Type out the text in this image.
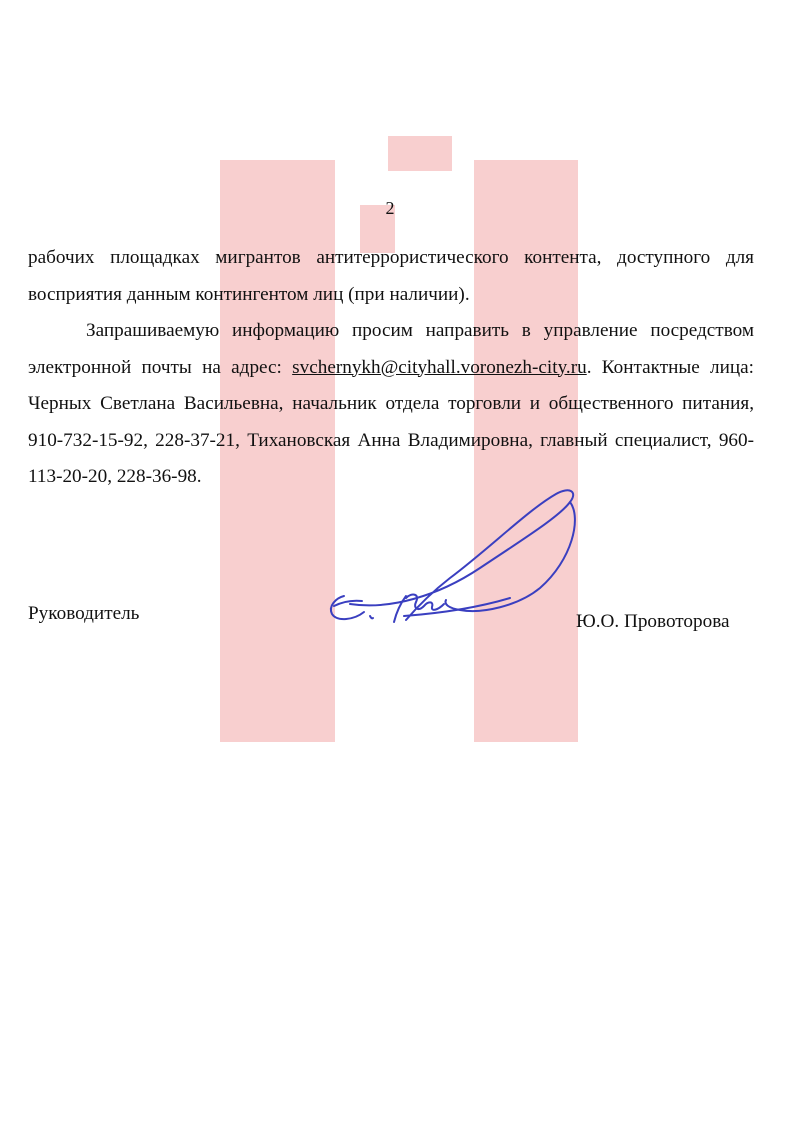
2

рабочих площадках мигрантов антитеррористического контента, доступного для восприятия данным контингентом лиц (при наличии).

Запрашиваемую информацию просим направить в управление посредством электронной почты на адрес: svchernykh@cityhall.voronezh-city.ru. Контактные лица: Черных Светлана Васильевна, начальник отдела торговли и общественного питания, 910-732-15-92, 228-37-21, Тихановская Анна Владимировна, главный специалист, 960-113-20-20, 228-36-98.

Руководитель	Ю.О. Провоторова
